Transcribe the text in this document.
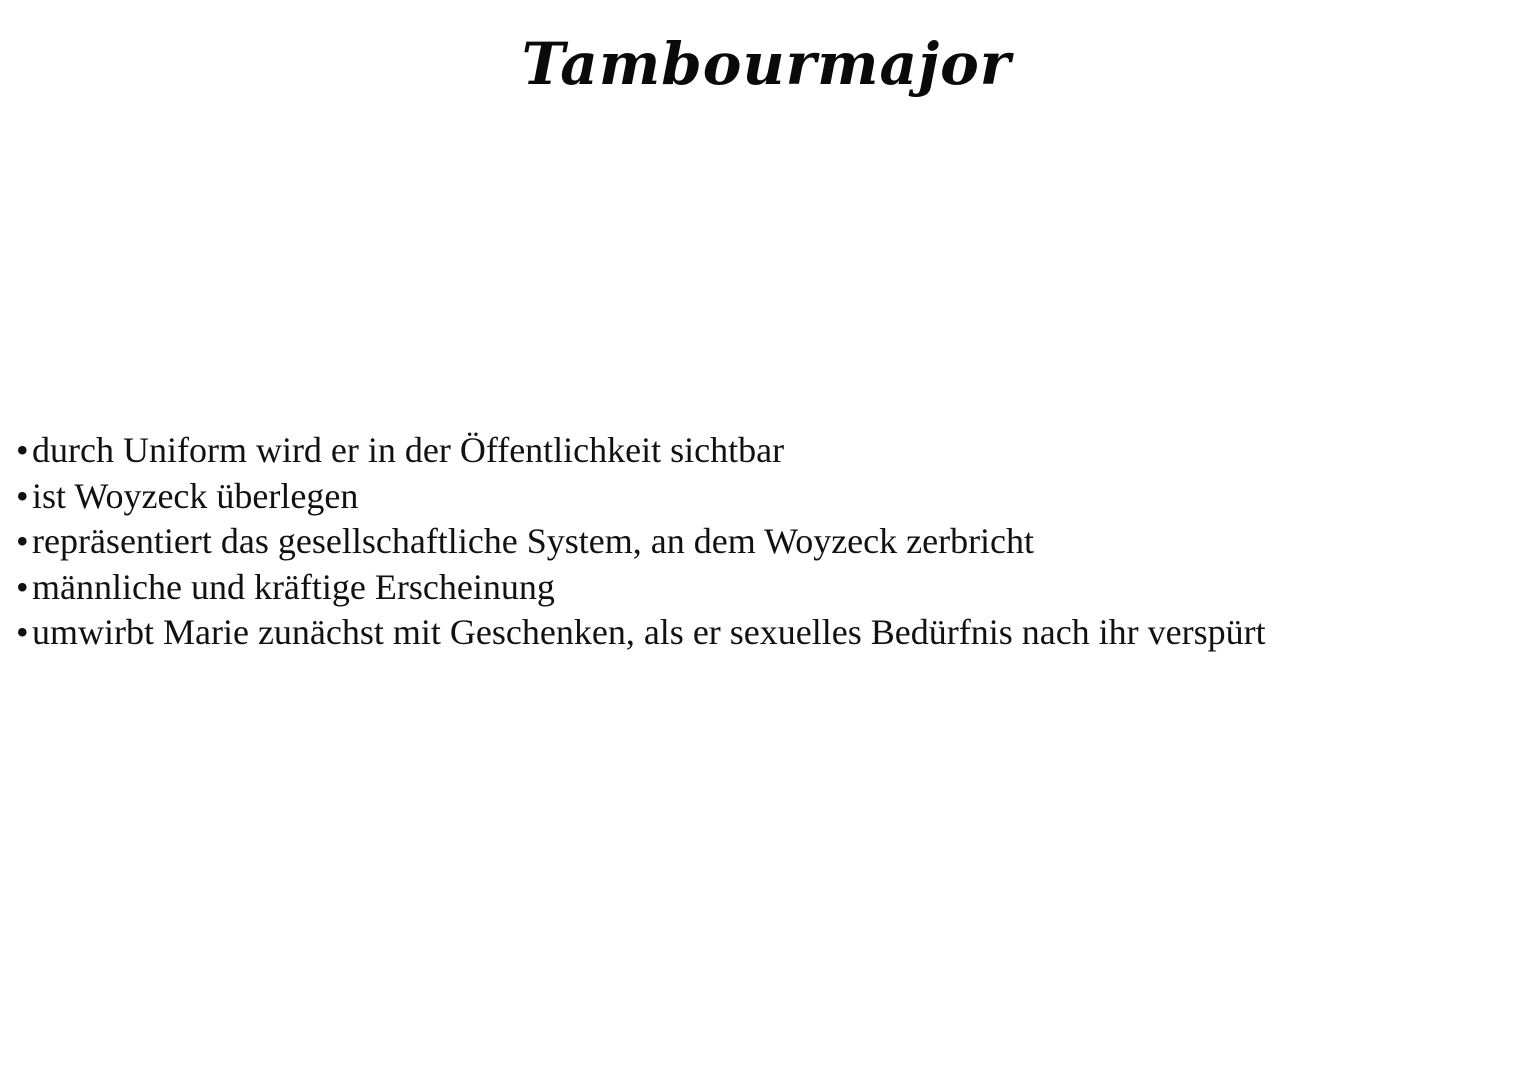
Tambourmajor
•durch Uniform wird er in der Öffentlichkeit sichtbar
•ist Woyzeck überlegen
•repräsentiert das gesellschaftliche System, an dem Woyzeck zerbricht
•männliche und kräftige Erscheinung
•umwirbt Marie zunächst mit Geschenken, als er sexuelles Bedürfnis nach ihr verspürt
